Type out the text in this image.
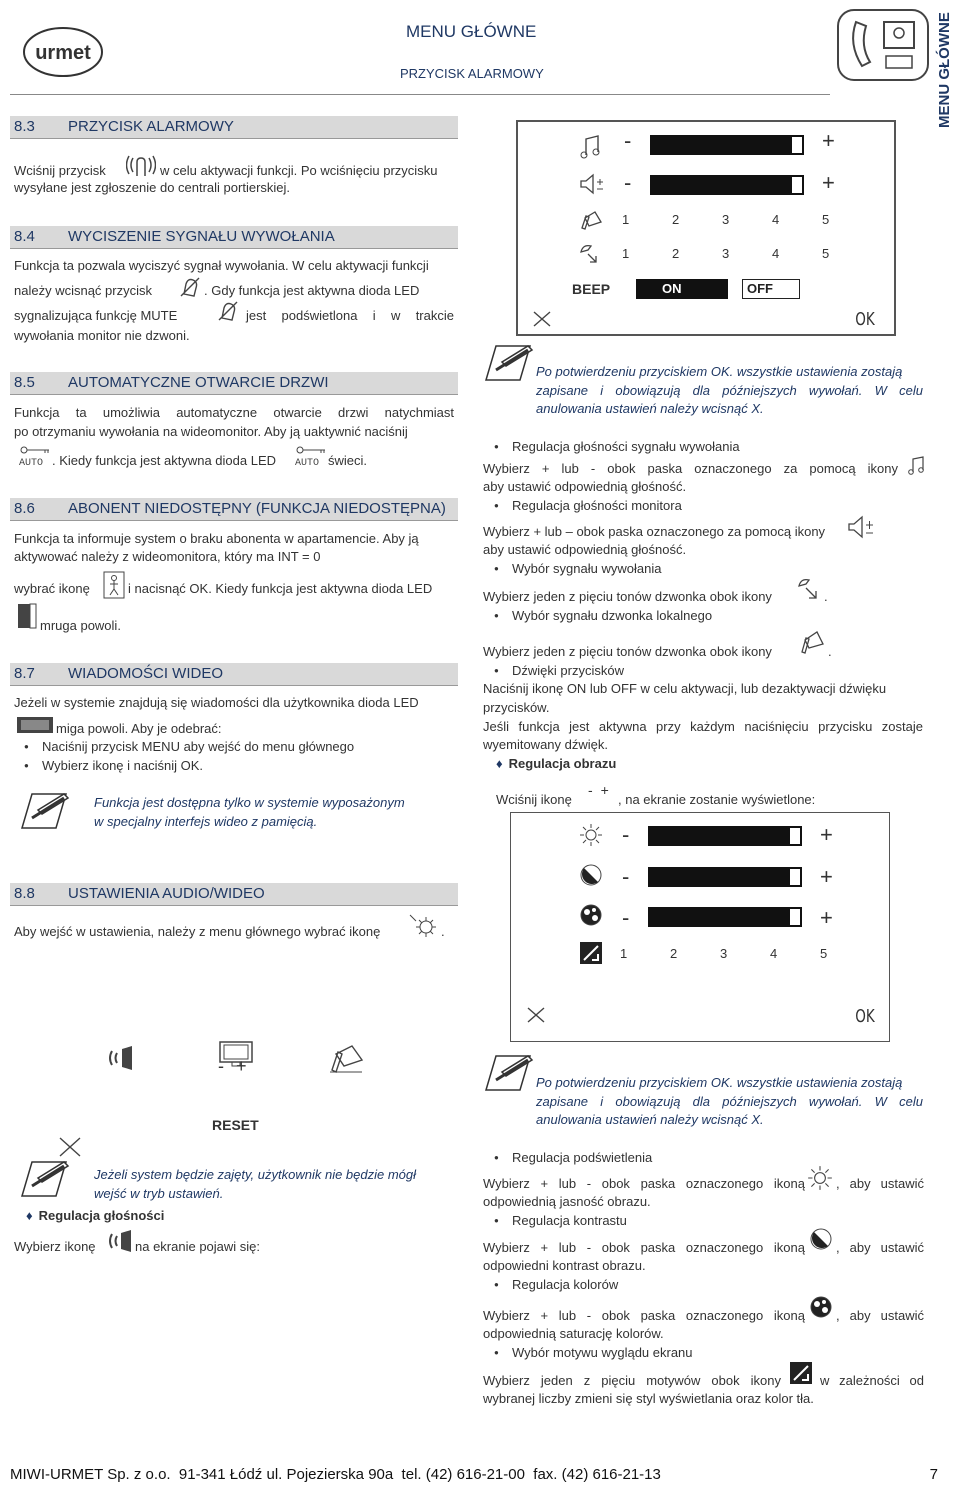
urmet
MENU GŁÓWNE
PRZYCISK ALARMOWY	MENU GŁÓWNE
8.3 PRZYCISK ALARMOWY
Wciśnij przycisk	w celu aktywacji funkcji. Po wciśnięciu przycisku
wysyłane jest zgłoszenie do centrali portierskiej.
8.4 WYCISZENIE SYGNAŁU WYWOŁANIA
Funkcja ta pozwala wyciszyć sygnał wywołania. W celu aktywacji funkcji
należy wcisnąć przycisk	. Gdy funkcja jest aktywna dioda LED
sygnalizująca funkcję MUTE	jest podświetlona i w trakcie
wywołania monitor nie dzwoni.
8.5 AUTOMATYCZNE OTWARCIE DRZWI
Funkcja ta umożliwia automatyczne otwarcie drzwi natychmiast
po otrzymaniu wywołania na wideomonitor. Aby ją uaktywnić naciśnij
AUTO . Kiedy funkcja jest aktywna dioda LED AUTO świeci.
8.6 ABONENT NIEDOSTĘPNY (FUNKCJA NIEDOSTĘPNA)
Funkcja ta informuje system o braku abonenta w apartamencie. Aby ją
aktywować należy z wideomonitora, który ma INT = 0
wybrać ikonę	i nacisnąć OK. Kiedy funkcja jest aktywna dioda LED
mruga powoli.
8.7 WIADOMOŚCI WIDEO
Jeżeli w systemie znajdują się wiadomości dla użytkownika dioda LED
miga powoli. Aby je odebrać:
● Naciśnij przycisk MENU aby wejść do menu głównego
● Wybierz ikonę i naciśnij OK.
Funkcja jest dostępna tylko w systemie wyposażonym
w specjalny interfejs wideo z pamięcią.
8.8 USTAWIENIA AUDIO/WIDEO
Aby wejść w ustawienia, należy z menu głównego wybrać ikonę	.
- +
RESET
Jeżeli system będzie zajęty, użytkownik nie będzie mógł
wejść w tryb ustawień.
♦ Regulacja głośności
Wybierz ikonę	na ekranie pojawi się:
-	+
-	+
1	2	3	4	5
1	2	3	4	5
BEEP	ON	OFF
OK
Po potwierdzeniu przyciskiem OK. wszystkie ustawienia zostają
zapisane i obowiązują dla późniejszych wywołań. W celu
anulowania ustawień należy wcisnąć X.
● Regulacja głośności sygnału wywołania
Wybierz + lub - obok paska oznaczonego za pomocą ikony
aby ustawić odpowiednią głośność.
● Regulacja głośności monitora
Wybierz + lub – obok paska oznaczonego za pomocą ikony
aby ustawić odpowiednią głośność.
● Wybór sygnału wywołania
Wybierz jeden z pięciu tonów dzwonka obok ikony	.
● Wybór sygnału dzwonka lokalnego
Wybierz jeden z pięciu tonów dzwonka obok ikony	.
● Dźwięki przycisków
Naciśnij ikonę ON lub OFF w celu aktywacji, lub dezaktywacji dźwięku
przycisków.
Jeśli funkcja jest aktywna przy każdym naciśnięciu przycisku zostaje
wyemitowany dźwięk.
♦ Regulacja obrazu
Wciśnij ikonę
-+
, na ekranie zostanie wyświetlone:
-	+
-	+
-	+
1	2	3	4	5
OK
Po potwierdzeniu przyciskiem OK. wszystkie ustawienia zostają
zapisane i obowiązują dla późniejszych wywołań. W celu
anulowania ustawień należy wcisnąć X.
● Regulacja podświetlenia
Wybierz + lub - obok paska oznaczonego ikoną , aby ustawić
odpowiednią jasność obrazu.
● Regulacja kontrastu
Wybierz + lub - obok paska oznaczonego ikoną , aby ustawić
odpowiedni kontrast obrazu.
● Regulacja kolorów
Wybierz + lub - obok paska oznaczonego ikoną , aby ustawić
odpowiednią saturację kolorów.
● Wybór motywu wyglądu ekranu
Wybierz jeden z pięciu motywów obok ikony	w zależności od
wybranej liczby zmieni się styl wyświetlania oraz kolor tła.
MIWI-URMET Sp. z o.o.  91-341 Łódź ul. Pojezierska 90a  tel. (42) 616-21-00  fax. (42) 616-21-13	7
